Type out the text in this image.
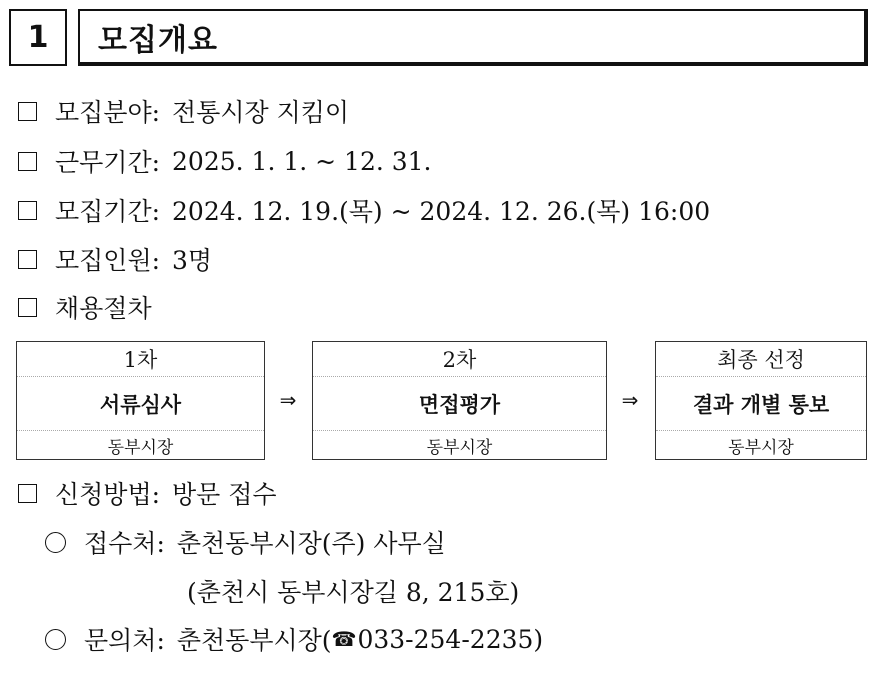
1	모집개요
모집분야: 전통시장 지킴이
근무기간: 2025. 1. 1. ~ 12. 31.
모집기간: 2024. 12. 19.(목) ~ 2024. 12. 26.(목) 16:00
모집인원: 3명
채용절차
1차
서류심사
동부시장
⇒
2차
면접평가
동부시장
⇒
최종 선정
결과 개별 통보
동부시장
신청방법: 방문 접수
접수처: 춘천동부시장(주) 사무실
(춘천시 동부시장길 8, 215호)
문의처: 춘천동부시장( ☎ 033-254-2235 )
